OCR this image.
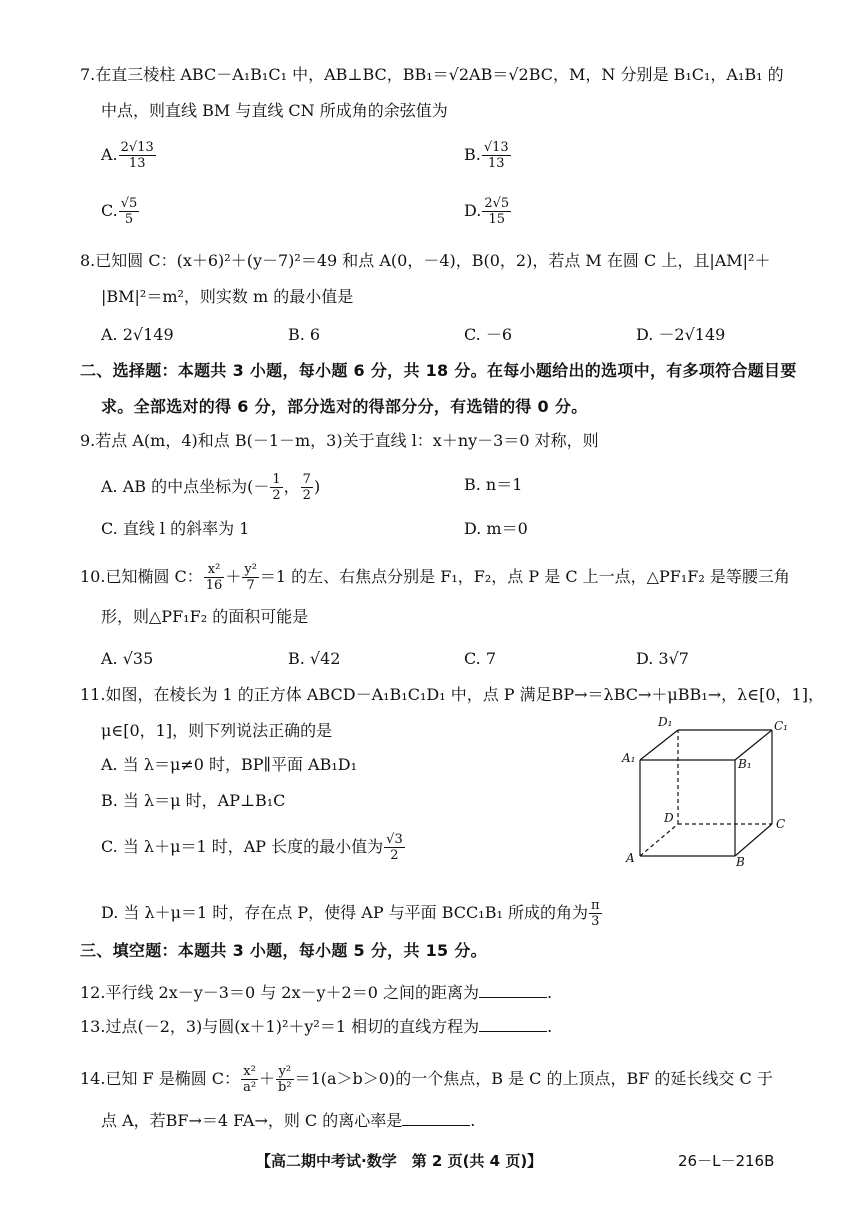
7.在直三棱柱 ABC－A₁B₁C₁ 中，AB⊥BC，BB₁＝√2AB＝√2BC，M，N 分别是 B₁C₁，A₁B₁ 的
中点，则直线 BM 与直线 CN 所成角的余弦值为
A. $\frac{2√13}{13}$	B. $\frac{√13}{13}$
C. $\frac{√5}{5}$	D. $\frac{2√5}{15}$
8.已知圆 C：(x＋6)²＋(y－7)²＝49 和点 A(0，－4)，B(0，2)，若点 M 在圆 C 上，且|AM|²＋
|BM|²＝m²，则实数 m 的最小值是
A. 2√149	B. 6	C. －6	D. －2√149
二、选择题：本题共 3 小题，每小题 6 分，共 18 分。在每小题给出的选项中，有多项符合题目要
求。全部选对的得 6 分，部分选对的得部分分，有选错的得 0 分。
9.若点 A(m，4)和点 B(－1－m，3)关于直线 l：x＋ny－3＝0 对称，则
A. AB 的中点坐标为(－ $\frac{1}{2}$ ， $\frac{7}{2}$ )	B. n＝1
C. 直线 l 的斜率为 1	D. m＝0
10.已知椭圆 C： $\frac{\text{x²}}{16} + \frac{\text{y²}}{7} =1$ 的左、右焦点分别是 F₁，F₂，点 P 是 C 上一点，△PF₁F₂ 是等腰三角
形，则△PF₁F₂ 的面积可能是
A. √35	B. √42	C. 7	D. 3√7
11.如图，在棱长为 1 的正方体 ABCD－A₁B₁C₁D₁ 中，点 P 满足BP→＝λBC→＋μBB₁→，λ∈[0，1]，
μ∈[0，1]，则下列说法正确的是
A. 当 λ＝μ≠0 时，BP∥平面 AB₁D₁
B. 当 λ＝μ 时，AP⊥B₁C
C. 当 λ＋μ＝1 时，AP 长度的最小值为 $\frac{√3}{2}$
D. 当 λ＋μ＝1 时，存在点 P，使得 AP 与平面 BCC₁B₁ 所成的角为 $\frac{\pi}{3}$
D₁	C₁
A₁	B₁
D	C
A	B
三、填空题：本题共 3 小题，每小题 5 分，共 15 分。
12.平行线 2x－y－3＝0 与 2x－y＋2＝0 之间的距离为	.
13.过点(－2，3)与圆(x＋1)²＋y²＝1 相切的直线方程为	.
14.已知 F 是椭圆 C： $\frac{\text{x²}}{\text{a²}} + \frac{\text{y²}}{\text{b²}} =1(a>b>0)$的一个焦点，B 是 C 的上顶点，BF 的延长线交 C 于
点 A，若BF→＝4 FA→，则 C 的离心率是	.
【高二期中考试·数学　第 2 页(共 4 页)】	26－L－216B
